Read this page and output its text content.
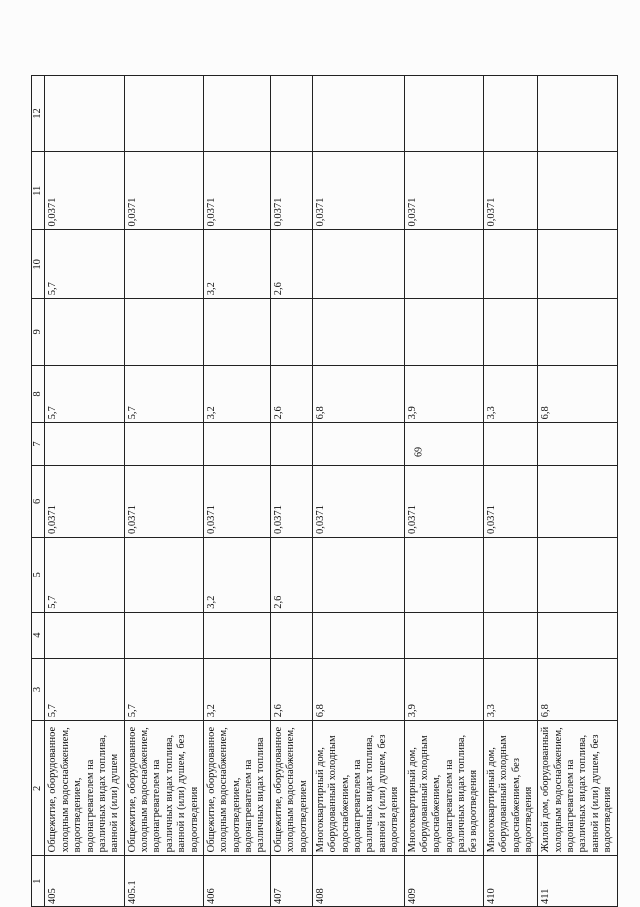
69
1	2	3	4	5	6	7	8	9	10	11	12
405	Общежитие, оборудованное холодным водоснабжением, водоотведением, водонагревателем на различных видах топлива, ванной и (или) душем	5,7		5,7	0,0371		5,7		5,7	0,0371	
405.1	Общежитие, оборудованное холодным водоснабжением, водонагревателем на различных видах топлива, ванной и (или) душем, без водоотведения	5,7			0,0371		5,7			0,0371	
406	Общежитие, оборудованное холодным водоснабжением, водоотведением, водонагревателем на различных видах топлива	3,2		3,2	0,0371		3,2		3,2	0,0371	
407	Общежитие, оборудованное холодным водоснабжением, водоотведением	2,6		2,6	0,0371		2,6		2,6	0,0371	
408	Многоквартирный дом, оборудованный холодным водоснабжением, водонагревателем на различных видах топлива, ванной и (или) душем, без водоотведения	6,8			0,0371		6,8			0,0371	
409	Многоквартирный дом, оборудованный холодным водоснабжением, водонагревателем на различных видах топлива, без водоотведения	3,9			0,0371		3,9			0,0371	
410	Многоквартирный дом, оборудованный холодным водоснабжением, без водоотведения	3,3			0,0371		3,3			0,0371	
411	Жилой дом, оборудованный холодным водоснабжением, водонагревателем на различных видах топлива, ванной и (или) душем, без водоотведения	6,8					6,8				
